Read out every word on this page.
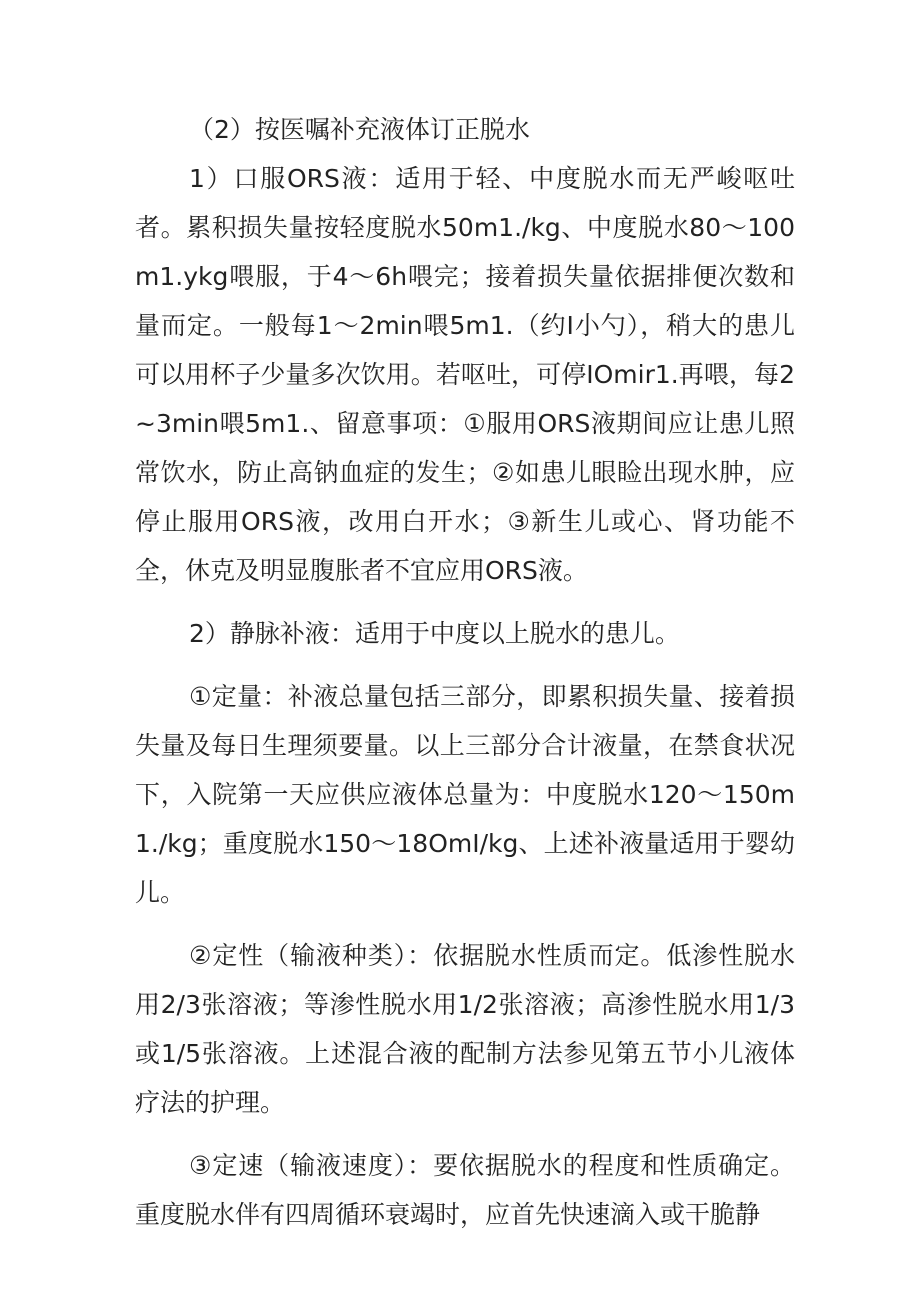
（2）按医嘱补充液体订正脱水

1）口服ORS液：适用于轻、中度脱水而无严峻呕吐者。累积损失量按轻度脱水50m1./kg、中度脱水80～100m1.ykg喂服，于4～6h喂完；接着损失量依据排便次数和量而定。一般每1～2min喂5m1.（约I小勺），稍大的患儿可以用杯子少量多次饮用。若呕吐，可停IOmir1.再喂，每2~3min喂5m1.、留意事项：①服用ORS液期间应让患儿照常饮水，防止高钠血症的发生；②如患儿眼睑出现水肿，应停止服用ORS液，改用白开水；③新生儿或心、肾功能不全，休克及明显腹胀者不宜应用ORS液。

2）静脉补液：适用于中度以上脱水的患儿。

①定量：补液总量包括三部分，即累积损失量、接着损失量及每日生理须要量。以上三部分合计液量，在禁食状况下，入院第一天应供应液体总量为：中度脱水120～150m1./kg；重度脱水150～18OmI/kg、上述补液量适用于婴幼儿。

②定性（输液种类）：依据脱水性质而定。低渗性脱水用2/3张溶液；等渗性脱水用1/2张溶液；高渗性脱水用1/3或1/5张溶液。上述混合液的配制方法参见第五节小儿液体疗法的护理。

③定速（输液速度）：要依据脱水的程度和性质确定。重度脱水伴有四周循环衰竭时，应首先快速滴入或干脆静
